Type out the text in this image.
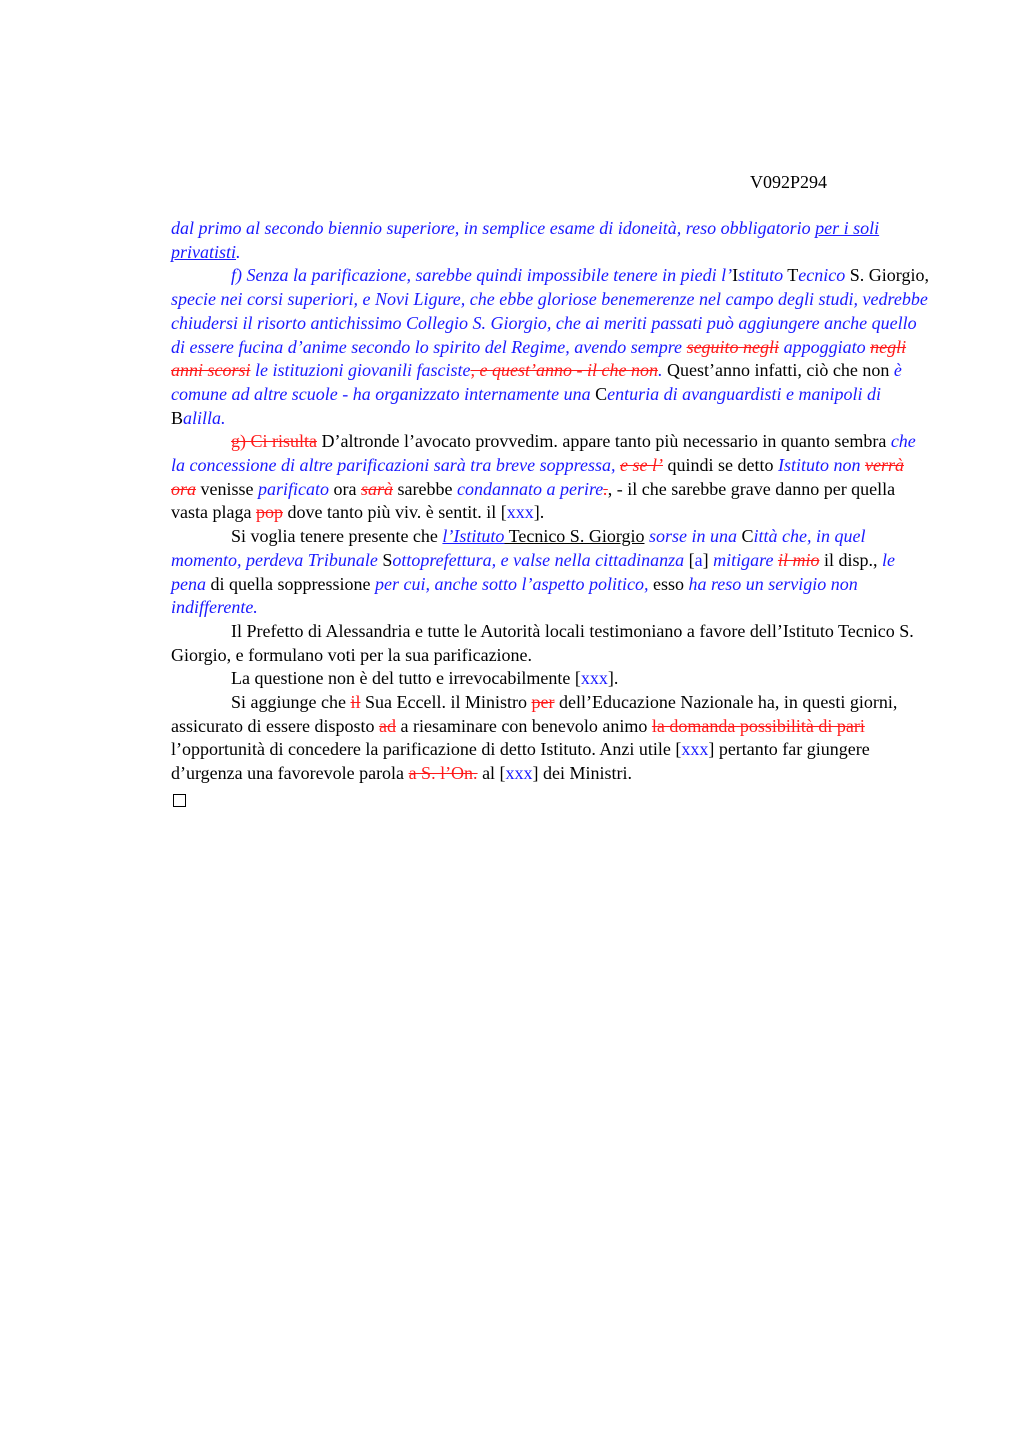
V092P294

dal primo al secondo biennio superiore, in semplice esame di idoneità, reso obbligatorio per i soli privatisti.

f) Senza la parificazione, sarebbe quindi impossibile tenere in piedi l’Istituto Tecnico S. Giorgio, specie nei corsi superiori, e Novi Ligure, che ebbe gloriose benemerenze nel campo degli studi, vedrebbe chiudersi il risorto antichissimo Collegio S. Giorgio, che ai meriti passati può aggiungere anche quello di essere fucina d’anime secondo lo spirito del Regime, avendo sempre seguito negli appoggiato negli anni scorsi le istituzioni giovanili fasciste, e quest’anno - il che non. Quest’anno infatti, ciò che non è comune ad altre scuole - ha organizzato internamente una Centuria di avanguardisti e manipoli di Balilla.

g) Ci risulta D’altronde l’avocato provvedim. appare tanto più necessario in quanto sembra che la concessione di altre parificazioni sarà tra breve soppressa, e se l’ quindi se detto Istituto non verrà ora venisse parificato ora sarà sarebbe condannato a perire., - il che sarebbe grave danno per quella vasta plaga pop dove tanto più viv. è sentit. il [xxx].

Si voglia tenere presente che l’Istituto Tecnico S. Giorgio sorse in una Città che, in quel momento, perdeva Tribunale Sottoprefettura, e valse nella cittadinanza [a] mitigare il mio il disp., le pena di quella soppressione per cui, anche sotto l’aspetto politico, esso ha reso un servigio non indifferente.

Il Prefetto di Alessandria e tutte le Autorità locali testimoniano a favore dell’Istituto Tecnico S. Giorgio, e formulano voti per la sua parificazione.

La questione non è del tutto e irrevocabilmente [xxx].

Si aggiunge che il Sua Eccell. il Ministro per dell’Educazione Nazionale ha, in questi giorni, assicurato di essere disposto ad a riesaminare con benevolo animo la domanda possibilità di pari l’opportunità di concedere la parificazione di detto Istituto. Anzi utile [xxx] pertanto far giungere d’urgenza una favorevole parola a S. l’On. al [xxx] dei Ministri.
